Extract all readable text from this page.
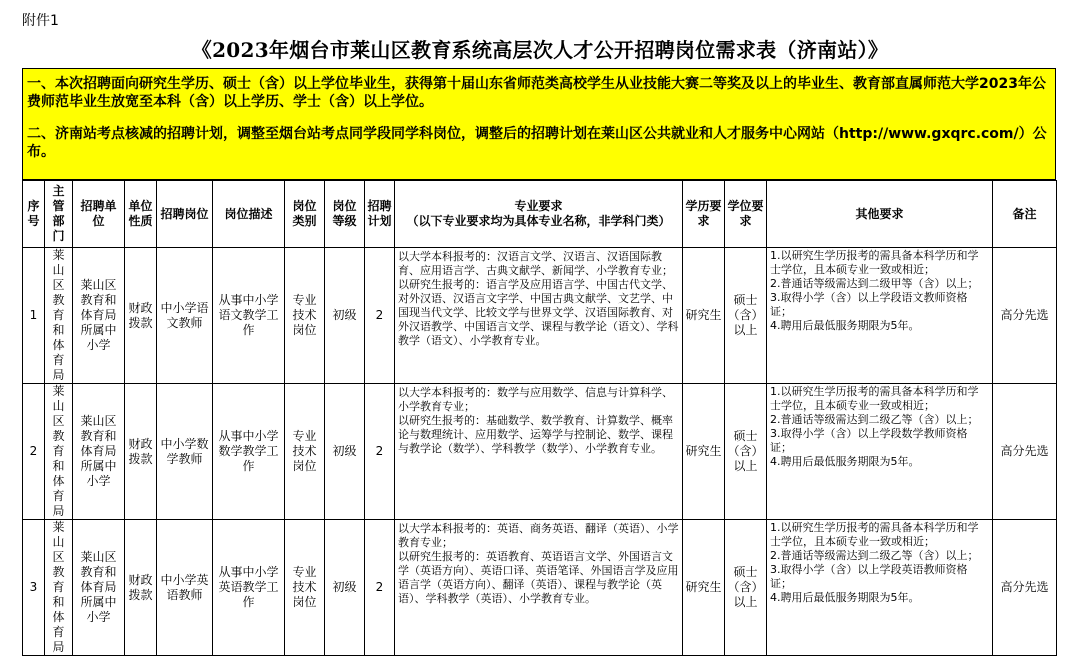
附件1
《2023年烟台市莱山区教育系统高层次人才公开招聘岗位需求表（济南站）》

一、本次招聘面向研究生学历、硕士（含）以上学位毕业生，获得第十届山东省师范类高校学生从业技能大赛二等奖及以上的毕业生、教育部直属师范大学2023年公费师范毕业生放宽至本科（含）以上学历、学士（含）以上学位。

二、济南站考点核减的招聘计划，调整至烟台站考点同学段同学科岗位，调整后的招聘计划在莱山区公共就业和人才服务中心网站（http://www.gxqrc.com/）公布。

序号	主管部门	招聘单位	单位性质	招聘岗位	岗位描述	岗位类别	岗位等级	招聘计划	专业要求
（以下专业要求均为具体专业名称，非学科门类）	学历要求	学位要求	其他要求	备注
1	莱山区教育和体育局	莱山区教育和体育局所属中小学	财政拨款	中小学语文教师	从事中小学语文教学工作	专业技术岗位	初级	2	以大学本科报考的：汉语言文学、汉语言、汉语国际教育、应用语言学、古典文献学、新闻学、小学教育专业；
以研究生报考的：语言学及应用语言学、中国古代文学、对外汉语、汉语言文字学、中国古典文献学、文艺学、中国现当代文学、比较文学与世界文学、汉语国际教育、对外汉语教学、中国语言文学、课程与教学论（语文）、学科教学（语文）、小学教育专业。	研究生	硕士（含）以上	1.以研究生学历报考的需具备本科学历和学士学位，且本硕专业一致或相近；
2.普通话等级需达到二级甲等（含）以上；
3.取得小学（含）以上学段语文教师资格证；
4.聘用后最低服务期限为5年。	高分先选
2	莱山区教育和体育局	莱山区教育和体育局所属中小学	财政拨款	中小学数学教师	从事中小学数学教学工作	专业技术岗位	初级	2	以大学本科报考的：数学与应用数学、信息与计算科学、小学教育专业；
以研究生报考的：基础数学、数学教育、计算数学、概率论与数理统计、应用数学、运筹学与控制论、数学、课程与教学论（数学）、学科教学（数学）、小学教育专业。	研究生	硕士（含）以上	1.以研究生学历报考的需具备本科学历和学士学位，且本硕专业一致或相近；
2.普通话等级需达到二级乙等（含）以上；
3.取得小学（含）以上学段数学教师资格证；
4.聘用后最低服务期限为5年。	高分先选
3	莱山区教育和体育局	莱山区教育和体育局所属中小学	财政拨款	中小学英语教师	从事中小学英语教学工作	专业技术岗位	初级	2	以大学本科报考的：英语、商务英语、翻译（英语）、小学教育专业；
以研究生报考的：英语教育、英语语言文学、外国语言文学（英语方向）、英语口译、英语笔译、外国语言学及应用语言学（英语方向）、翻译（英语）、课程与教学论（英语）、学科教学（英语）、小学教育专业。	研究生	硕士（含）以上	1.以研究生学历报考的需具备本科学历和学士学位，且本硕专业一致或相近；
2.普通话等级需达到二级乙等（含）以上；
3.取得小学（含）以上学段英语教师资格证；
4.聘用后最低服务期限为5年。	高分先选
